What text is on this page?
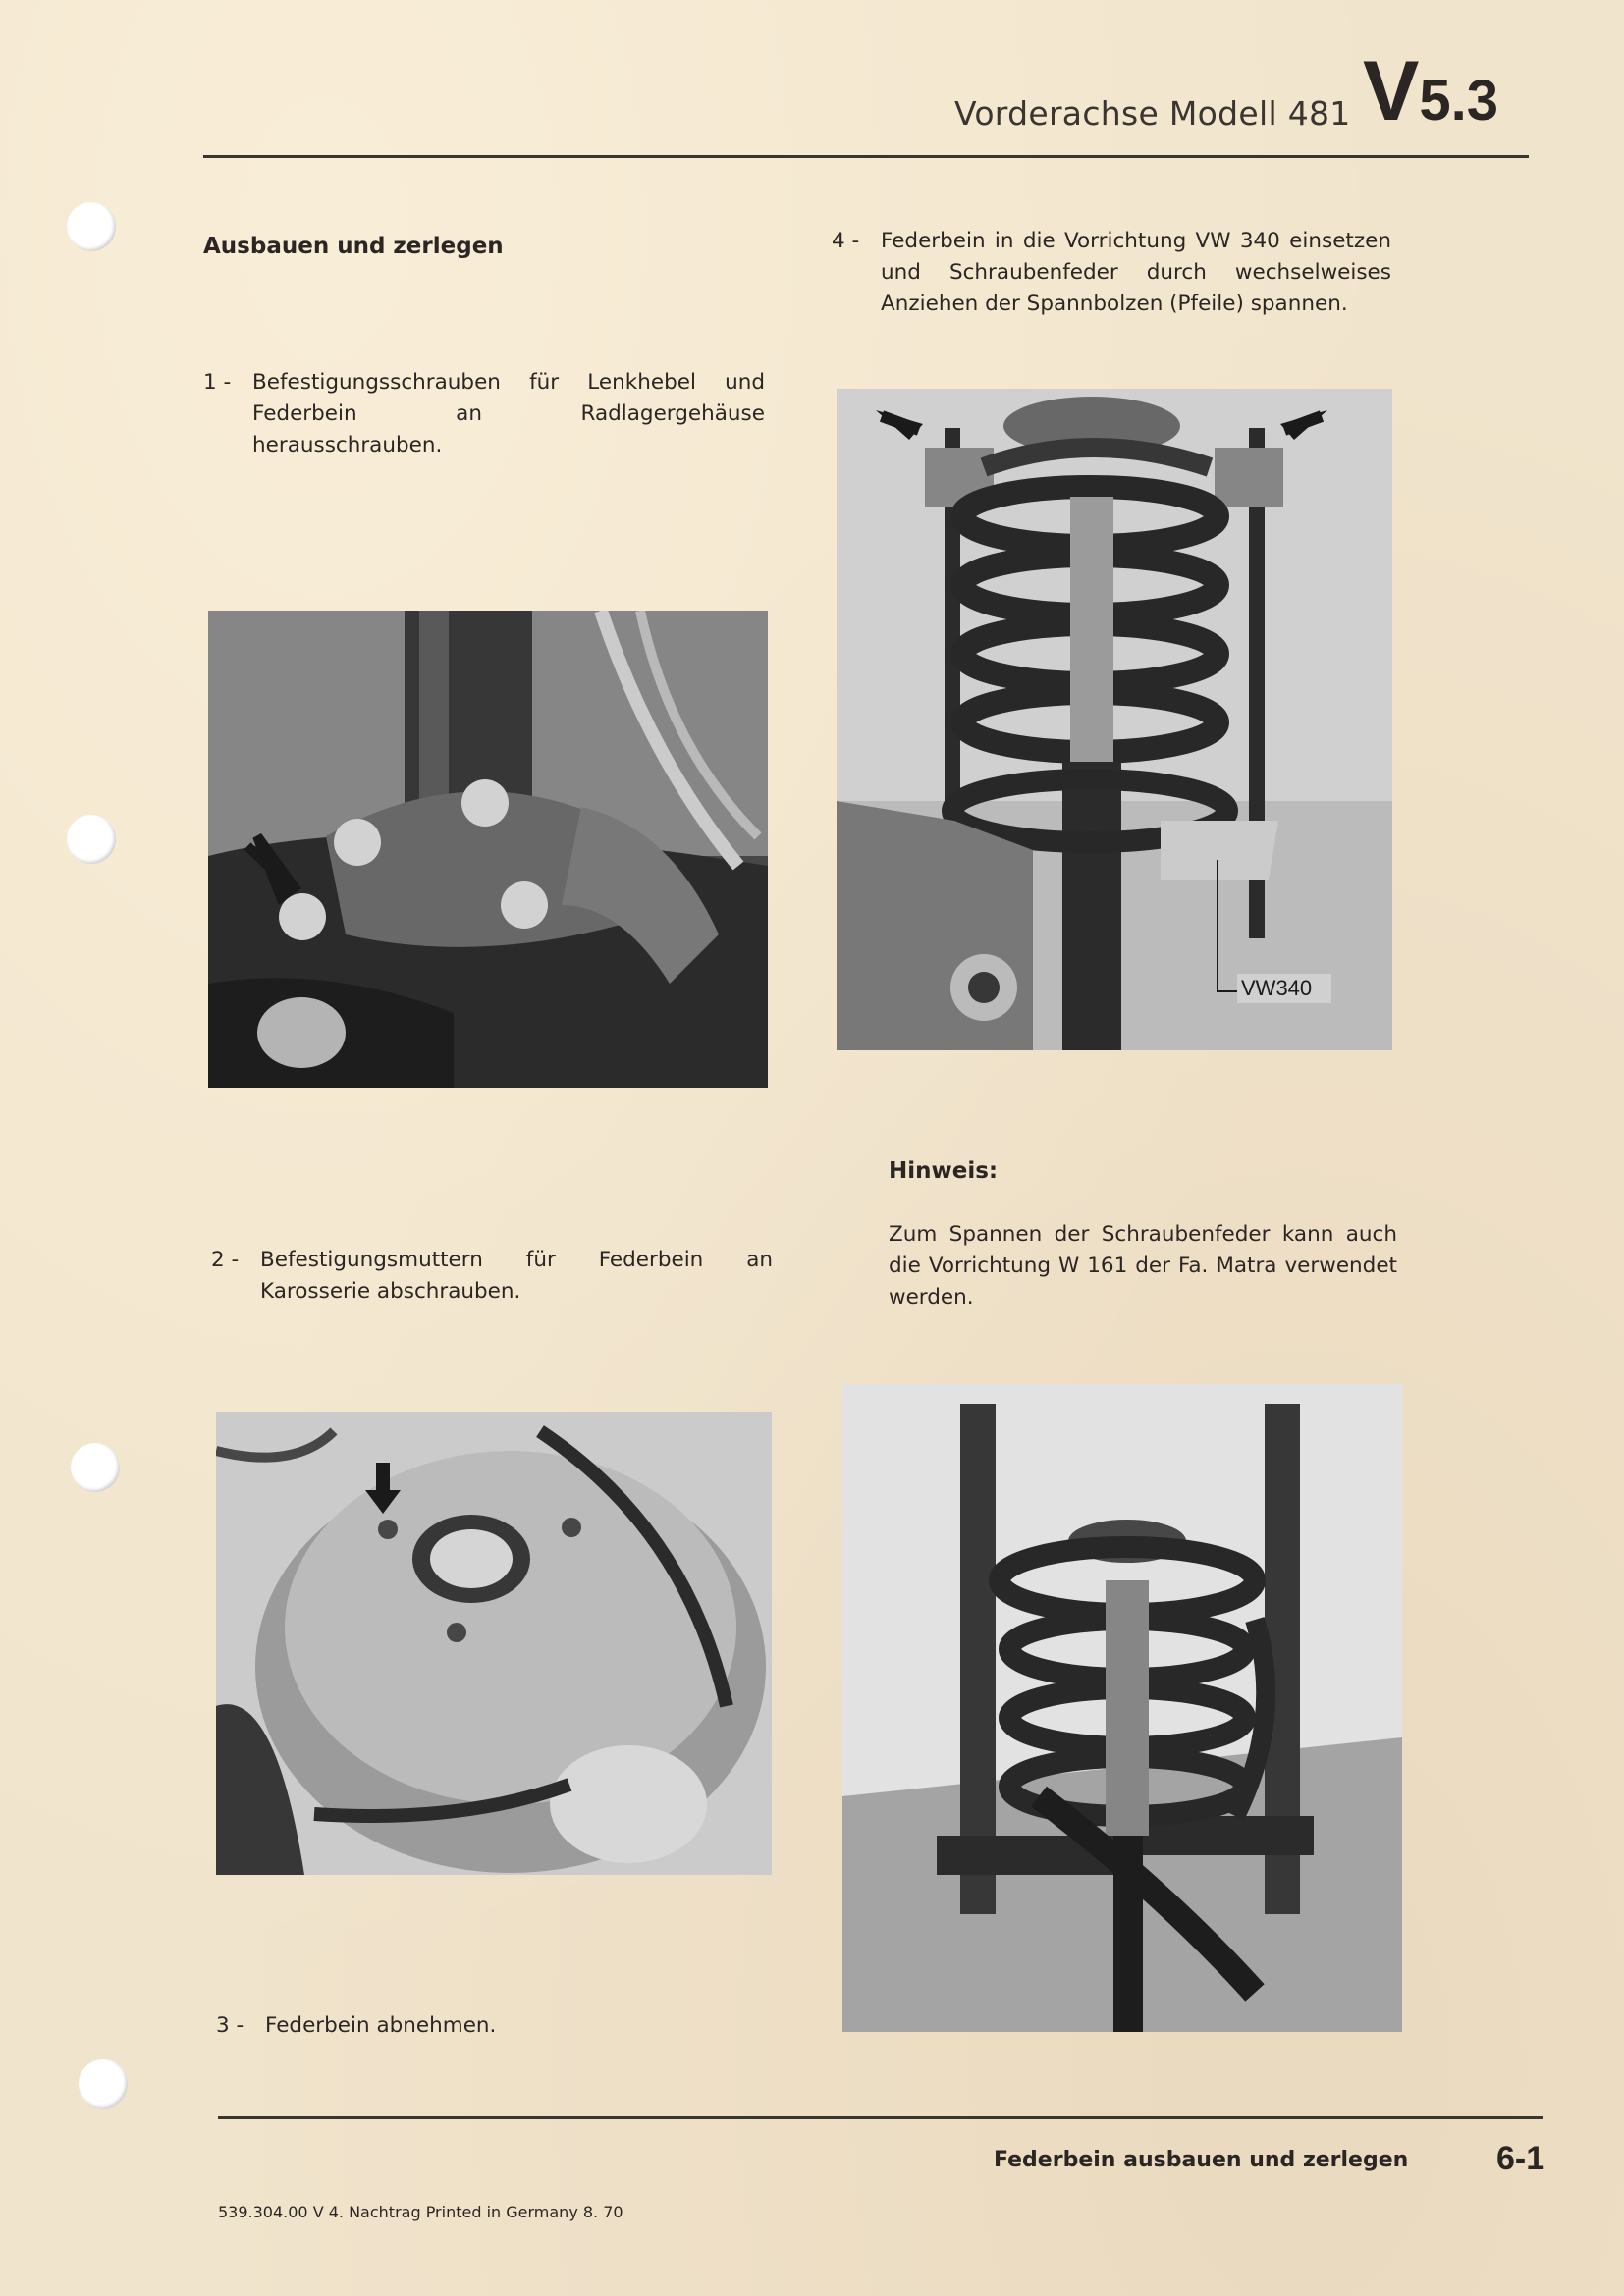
Vorderachse Modell 481 V5.3
Ausbauen und zerlegen
1 - Befestigungsschrauben für Lenkhebel und Federbein an Radlagergehäuse herausschrauben.
2 - Befestigungsmuttern für Federbein an Karosserie abschrauben.
3 - Federbein abnehmen.
4 - Federbein in die Vorrichtung VW 340 einsetzen und Schraubenfeder durch wechselweises Anziehen der Spannbolzen (Pfeile) spannen.
VW340
Hinweis:
Zum Spannen der Schraubenfeder kann auch die Vorrichtung W 161 der Fa. Matra verwendet werden.
Federbein ausbauen und zerlegen	6-1
539.304.00 V 4. Nachtrag Printed in Germany 8. 70
